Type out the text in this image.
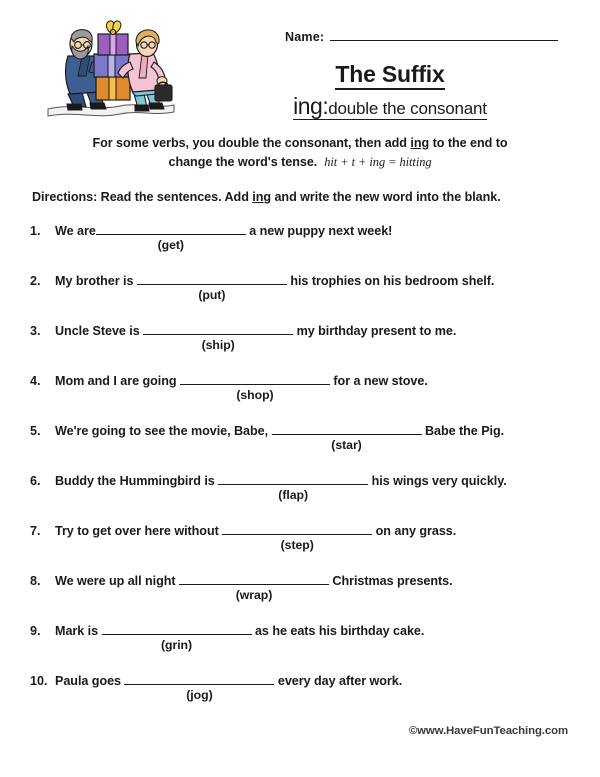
Name:
The Suffix
ing:double the consonant
For some verbs, you double the consonant, then add ing to the end to
change the word's tense. hit + t + ing = hitting
Directions: Read the sentences. Add ing and write the new word into the blank.
1.	We are
(get)
a new puppy next week!
2.	My brother is
(put)
his trophies on his bedroom shelf.
3.	Uncle Steve is
(ship)
my birthday present to me.
4.	Mom and I are going
(shop)
for a new stove.
5.	We're going to see the movie, Babe,
(star)
Babe the Pig.
6.	Buddy the Hummingbird is
(flap)
his wings very quickly.
7.	Try to get over here without
(step)
on any grass.
8.	We were up all night
(wrap)
Christmas presents.
9.	Mark is
(grin)
as he eats his birthday cake.
10. Paula goes
(jog)
every day after work.
©www.HaveFunTeaching.com
